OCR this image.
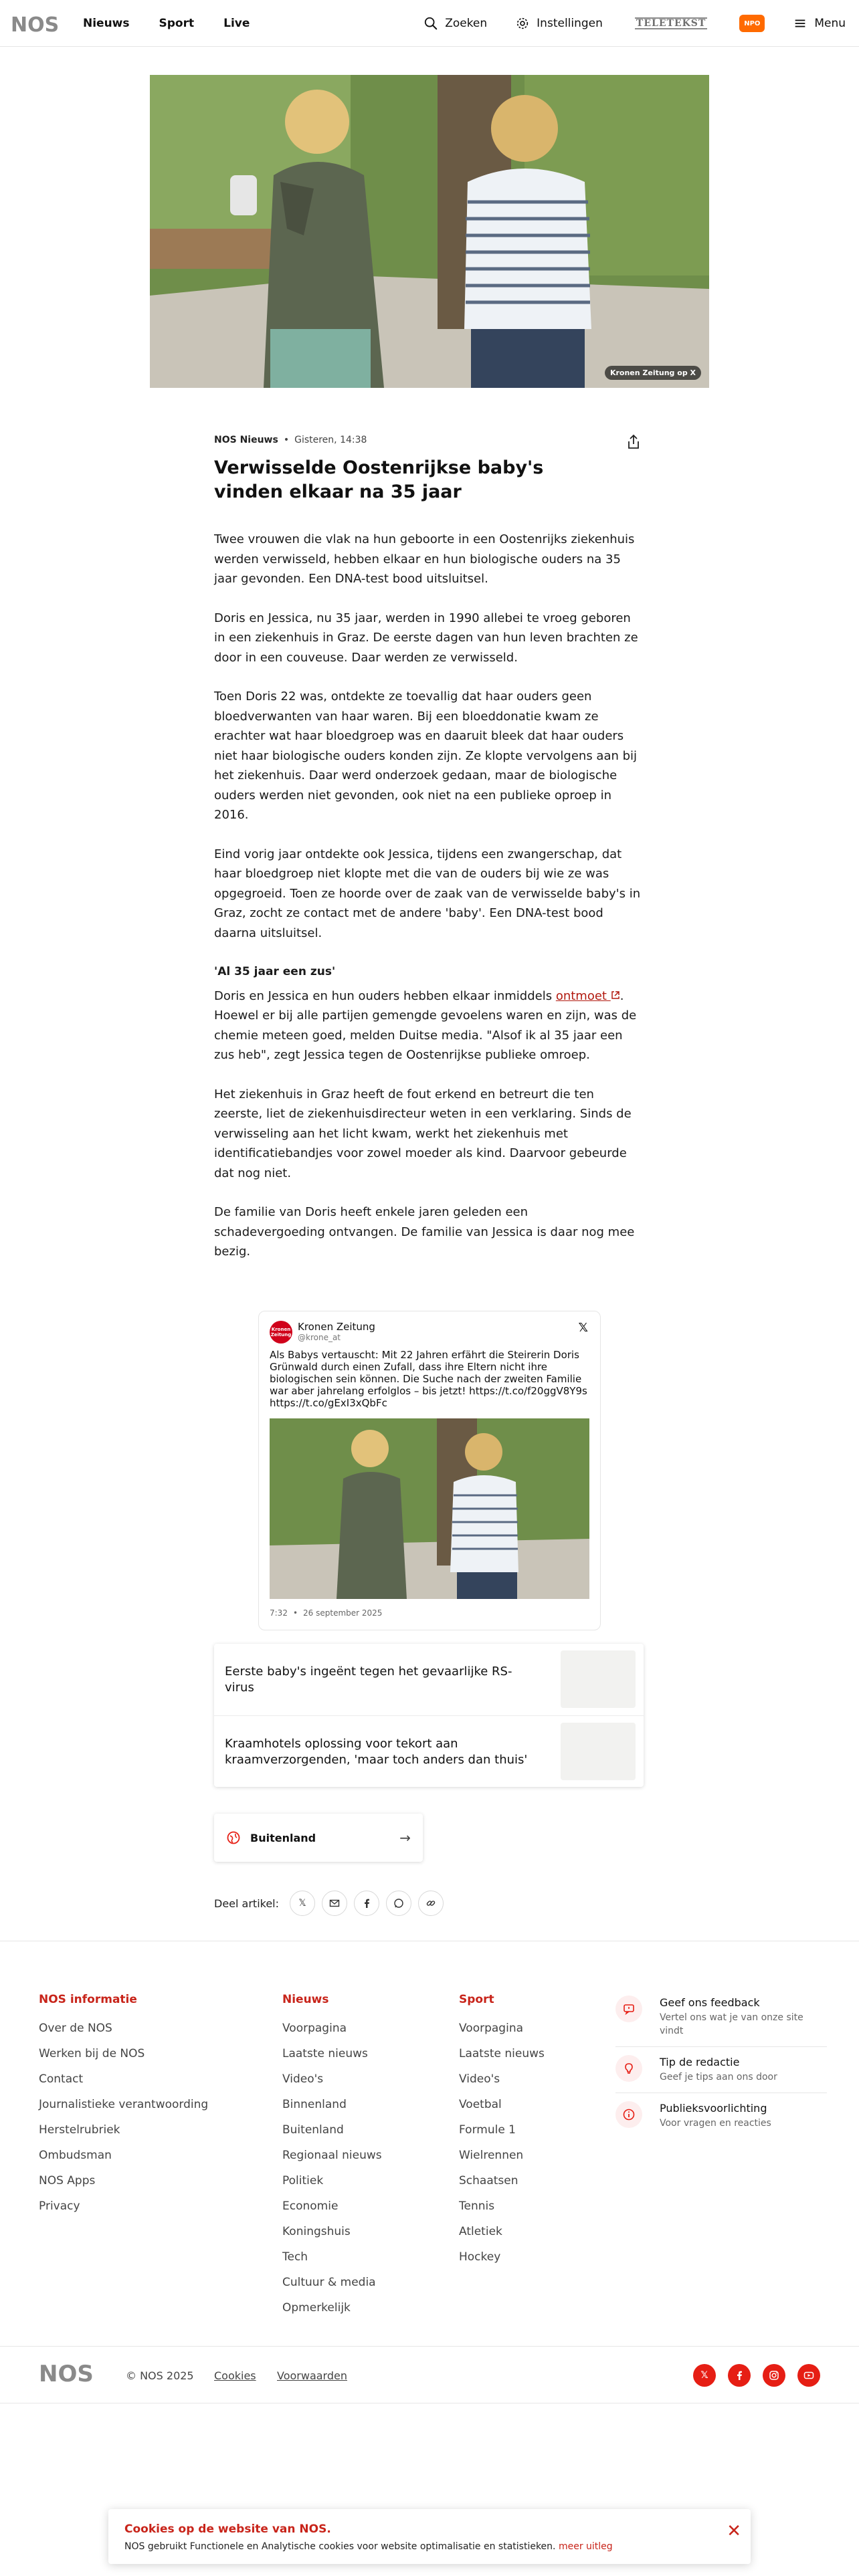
NOS Nieuws	Sport	Live	Zoeken	Instellingen	TELETEKST	NPO	Menu
Kronen Zeitung op X
NOS Nieuws • Gisteren, 14:38
Verwisselde Oostenrijkse baby's vinden elkaar na 35 jaar

Twee vrouwen die vlak na hun geboorte in een Oostenrijks ziekenhuis werden verwisseld, hebben elkaar en hun biologische ouders na 35 jaar gevonden. Een DNA-test bood uitsluitsel.

Doris en Jessica, nu 35 jaar, werden in 1990 allebei te vroeg geboren in een ziekenhuis in Graz. De eerste dagen van hun leven brachten ze door in een couveuse. Daar werden ze verwisseld.

Toen Doris 22 was, ontdekte ze toevallig dat haar ouders geen bloedverwanten van haar waren. Bij een bloeddonatie kwam ze erachter wat haar bloedgroep was en daaruit bleek dat haar ouders niet haar biologische ouders konden zijn. Ze klopte vervolgens aan bij het ziekenhuis. Daar werd onderzoek gedaan, maar de biologische ouders werden niet gevonden, ook niet na een publieke oproep in 2016.

Eind vorig jaar ontdekte ook Jessica, tijdens een zwangerschap, dat haar bloedgroep niet klopte met die van de ouders bij wie ze was opgegroeid. Toen ze hoorde over de zaak van de verwisselde baby's in Graz, zocht ze contact met de andere 'baby'. Een DNA-test bood daarna uitsluitsel.

'Al 35 jaar een zus'

Doris en Jessica en hun ouders hebben elkaar inmiddels ontmoet . Hoewel er bij alle partijen gemengde gevoelens waren en zijn, was de chemie meteen goed, melden Duitse media. "Alsof ik al 35 jaar een zus heb", zegt Jessica tegen de Oostenrijkse publieke omroep.

Het ziekenhuis in Graz heeft de fout erkend en betreurt die ten zeerste, liet de ziekenhuisdirecteur weten in een verklaring. Sinds de verwisseling aan het licht kwam, werkt het ziekenhuis met identificatiebandjes voor zowel moeder als kind. Daarvoor gebeurde dat nog niet.

De familie van Doris heeft enkele jaren geleden een schadevergoeding ontvangen. De familie van Jessica is daar nog mee bezig.

Kronen Zeitung
Kronen Zeitung
@krone_at
𝕏
Als Babys vertauscht: Mit 22 Jahren erfährt die Steirerin Doris Grünwald durch einen Zufall, dass ihre Eltern nicht ihre biologischen sein können. Die Suche nach der zweiten Familie war aber jahrelang erfolglos – bis jetzt! https://t.co/f20ggV8Y9s https://t.co/gExI3xQbFc
7:32 • 26 september 2025
Eerste baby's ingeënt tegen het gevaarlijke RS-virus
Kraamhotels oplossing voor tekort aan kraamverzorgenden, 'maar toch anders dan thuis'
Buitenland	→
Deel artikel: 𝕏
NOS informatie
Over de NOS
Werken bij de NOS
Contact
Journalistieke verantwoording
Herstelrubriek
Ombudsman
NOS Apps
Privacy
Nieuws
Voorpagina
Laatste nieuws
Video's
Binnenland
Buitenland
Regionaal nieuws
Politiek
Economie
Koningshuis
Tech
Cultuur & media
Opmerkelijk
Sport
Voorpagina
Laatste nieuws
Video's
Voetbal
Formule 1
Wielrennen
Schaatsen
Tennis
Atletiek
Hockey
Geef ons feedback
Vertel ons wat je van onze site vindt
Tip de redactie
Geef je tips aan ons door
Publieksvoorlichting
Voor vragen en reacties
NOS	© NOS 2025 Cookies Voorwaarden	𝕏
Cookies op de website van NOS.
NOS gebruikt Functionele en Analytische cookies voor website optimalisatie en statistieken. meer uitleg
✕
